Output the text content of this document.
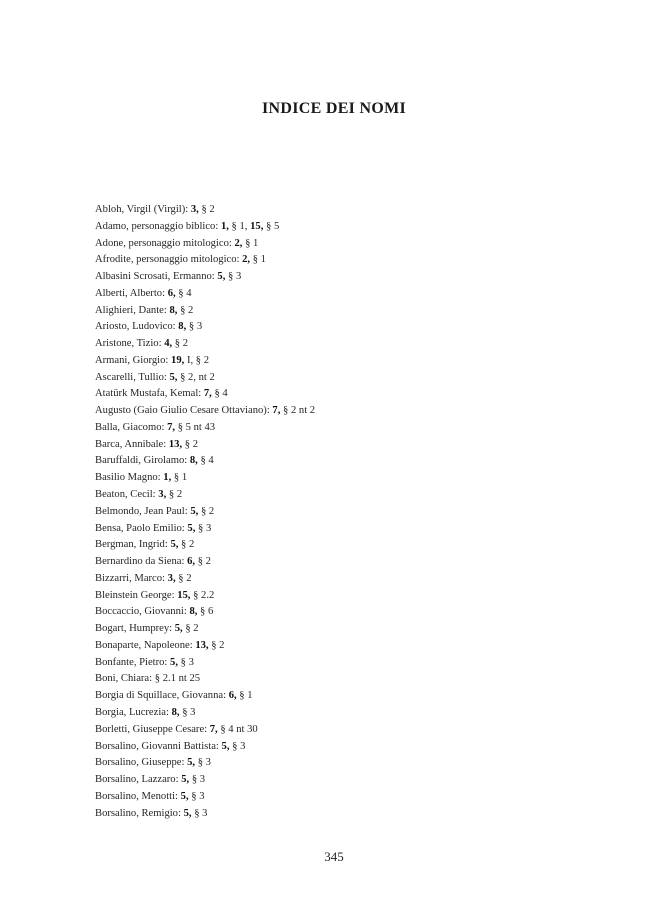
INDICE DEI NOMI
Abloh, Virgil (Virgil): 3, § 2
Adamo, personaggio biblico: 1, § 1, 15, § 5
Adone, personaggio mitologico: 2, § 1
Afrodite, personaggio mitologico: 2, § 1
Albasini Scrosati, Ermanno: 5, § 3
Alberti, Alberto: 6, § 4
Alighieri, Dante: 8, § 2
Ariosto, Ludovico: 8, § 3
Aristone, Tizio: 4, § 2
Armani, Giorgio: 19, I, § 2
Ascarelli, Tullio: 5, § 2, nt 2
Atatürk Mustafa, Kemal: 7, § 4
Augusto (Gaio Giulio Cesare Ottaviano): 7, § 2 nt 2
Balla, Giacomo: 7, § 5 nt 43
Barca, Annibale: 13, § 2
Baruffaldi, Girolamo: 8, § 4
Basilio Magno: 1, § 1
Beaton, Cecil: 3, § 2
Belmondo, Jean Paul: 5, § 2
Bensa, Paolo Emilio: 5, § 3
Bergman, Ingrid: 5, § 2
Bernardino da Siena: 6, § 2
Bizzarri, Marco: 3, § 2
Bleinstein George: 15, § 2.2
Boccaccio, Giovanni: 8, § 6
Bogart, Humprey: 5, § 2
Bonaparte, Napoleone: 13, § 2
Bonfante, Pietro: 5, § 3
Boni, Chiara: § 2.1 nt 25
Borgia di Squillace, Giovanna: 6, § 1
Borgia, Lucrezia: 8, § 3
Borletti, Giuseppe Cesare: 7, § 4 nt 30
Borsalino, Giovanni Battista: 5, § 3
Borsalino, Giuseppe: 5, § 3
Borsalino, Lazzaro: 5, § 3
Borsalino, Menotti: 5, § 3
Borsalino, Remigio: 5, § 3
345
